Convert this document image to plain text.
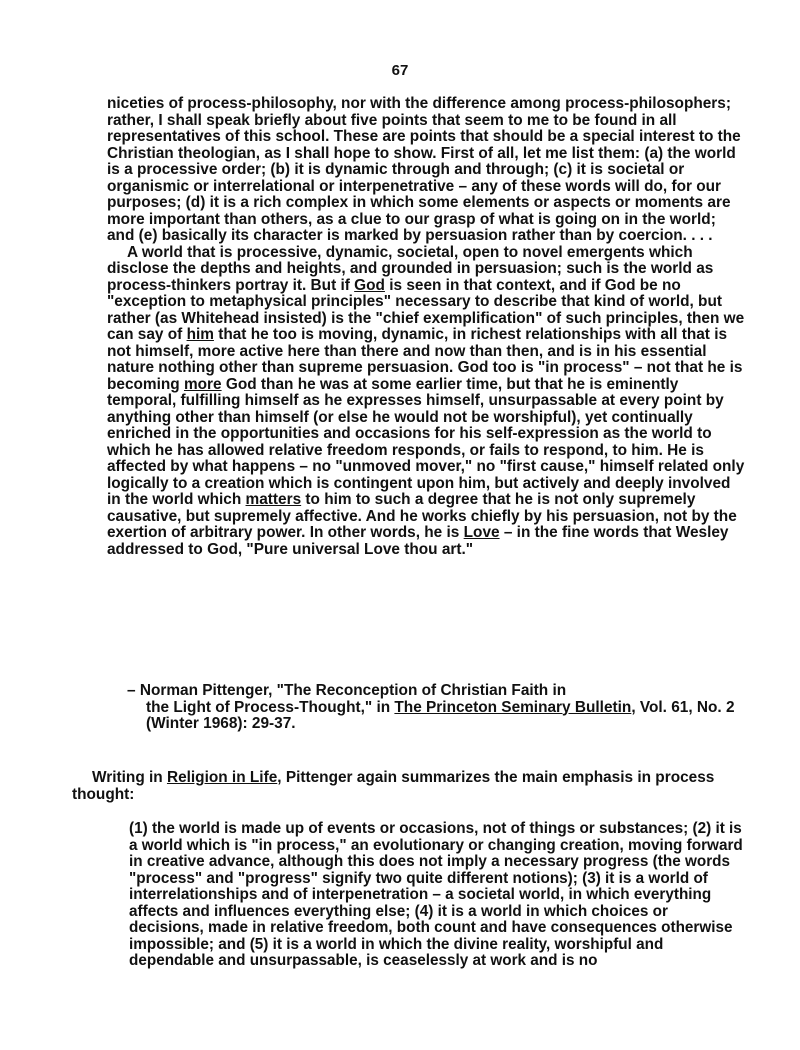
67

niceties of process-philosophy, nor with the difference among process-philosophers; rather, I shall speak briefly about five points that seem to me to be found in all representatives of this school. These are points that should be a special interest to the Christian theologian, as I shall hope to show. First of all, let me list them: (a) the world is a processive order; (b) it is dynamic through and through; (c) it is societal or organismic or interrelational or interpenetrative – any of these words will do, for our purposes; (d) it is a rich complex in which some elements or aspects or moments are more important than others, as a clue to our grasp of what is going on in the world; and (e) basically its character is marked by persuasion rather than by coercion. . . .

A world that is processive, dynamic, societal, open to novel emergents which disclose the depths and heights, and grounded in persuasion; such is the world as process-thinkers portray it. But if God is seen in that context, and if God be no "exception to metaphysical principles" necessary to describe that kind of world, but rather (as Whitehead insisted) is the "chief exemplification" of such principles, then we can say of him that he too is moving, dynamic, in richest relationships with all that is not himself, more active here than there and now than then, and is in his essential nature nothing other than supreme persuasion. God too is "in process" – not that he is becoming more God than he was at some earlier time, but that he is eminently temporal, fulfilling himself as he expresses himself, unsurpassable at every point by anything other than himself (or else he would not be worshipful), yet continually enriched in the opportunities and occasions for his self-expression as the world to which he has allowed relative freedom responds, or fails to respond, to him. He is affected by what happens – no "unmoved mover," no "first cause," himself related only logically to a creation which is contingent upon him, but actively and deeply involved in the world which matters to him to such a degree that he is not only supremely causative, but supremely affective. And he works chiefly by his persuasion, not by the exertion of arbitrary power. In other words, he is Love – in the fine words that Wesley addressed to God, "Pure universal Love thou art."

– Norman Pittenger, "The Reconception of Christian Faith in
the Light of Process-Thought," in The Princeton Seminary Bulletin, Vol. 61, No. 2 (Winter 1968): 29-37.

Writing in Religion in Life, Pittenger again summarizes the main emphasis in process thought:

(1) the world is made up of events or occasions, not of things or substances; (2) it is a world which is "in process," an evolutionary or changing creation, moving forward in creative advance, although this does not imply a necessary progress (the words "process" and "progress" signify two quite different notions); (3) it is a world of interrelationships and of interpenetration – a societal world, in which everything affects and influences everything else; (4) it is a world in which choices or decisions, made in relative freedom, both count and have consequences otherwise impossible; and (5) it is a world in which the divine reality, worshipful and dependable and unsurpassable, is ceaselessly at work and is no
